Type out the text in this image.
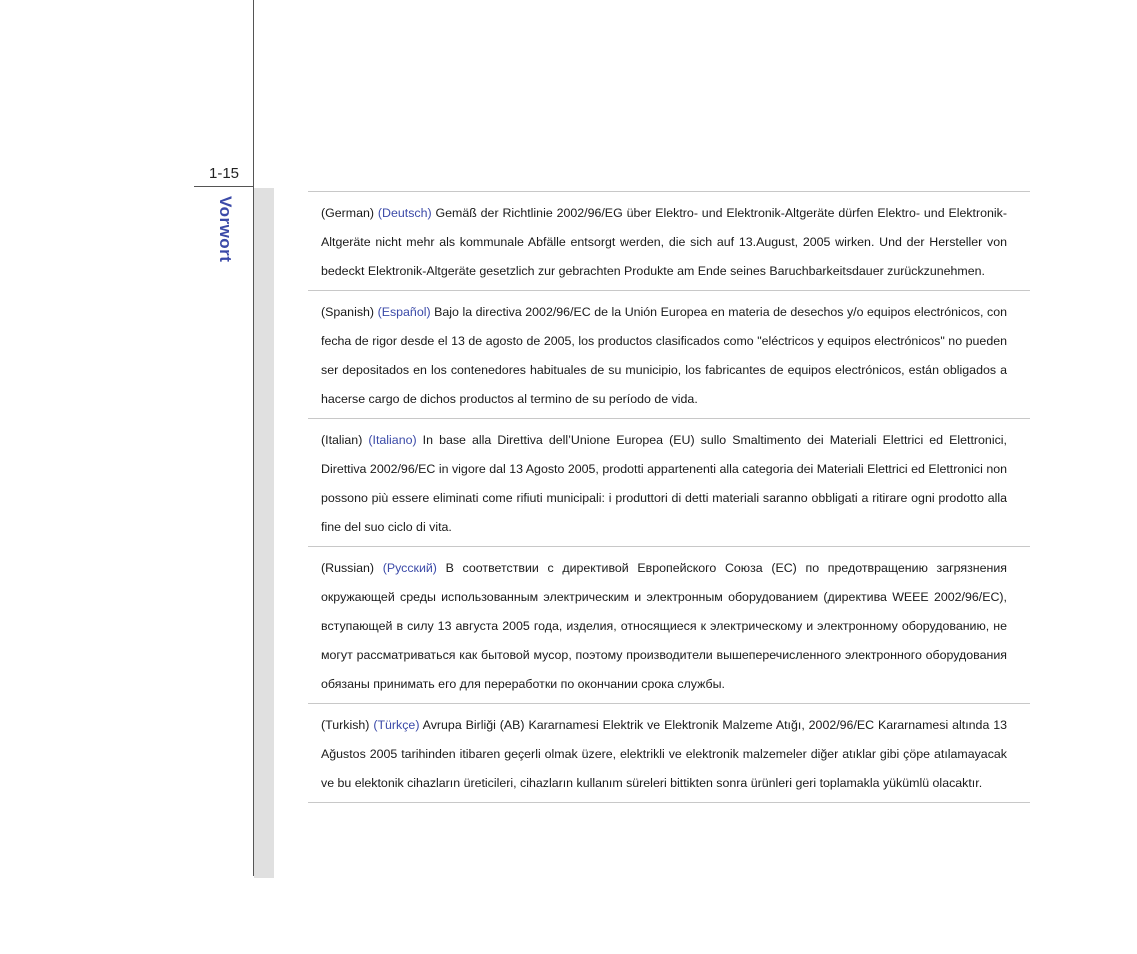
1-15
Vorwort	(German) (Deutsch) Gemäß der Richtlinie 2002/96/EG über Elektro- und Elektronik-Altgeräte dürfen Elektro- und Elektronik-Altgeräte nicht mehr als kommunale Abfälle entsorgt werden, die sich auf 13.August, 2005 wirken. Und der Hersteller von bedeckt Elektronik-Altgeräte gesetzlich zur gebrachten Produkte am Ende seines Baruchbarkeitsdauer zurückzunehmen.

(Spanish) (Español) Bajo la directiva 2002/96/EC de la Unión Europea en materia de desechos y/o equipos electrónicos, con fecha de rigor desde el 13 de agosto de 2005, los productos clasificados como "eléctricos y equipos electrónicos" no pueden ser depositados en los contenedores habituales de su municipio, los fabricantes de equipos electrónicos, están obligados a hacerse cargo de dichos productos al termino de su período de vida.

(Italian) (Italiano) In base alla Direttiva dell’Unione Europea (EU) sullo Smaltimento dei Materiali Elettrici ed Elettronici, Direttiva 2002/96/EC in vigore dal 13 Agosto 2005, prodotti appartenenti alla categoria dei Materiali Elettrici ed Elettronici non possono più essere eliminati come rifiuti municipali: i produttori di detti materiali saranno obbligati a ritirare ogni prodotto alla fine del suo ciclo di vita.

(Russian) (Русский) В соответствии с директивой Европейского Союза (ЕС) по предотвращению загрязнения окружающей среды использованным электрическим и электронным оборудованием (директива WEEE 2002/96/EC), вступающей в силу 13 августа 2005 года, изделия, относящиеся к электрическому и электронному оборудованию, не могут рассматриваться как бытовой мусор, поэтому производители вышеперечисленного электронного оборудования обязаны принимать его для переработки по окончании срока службы.

(Turkish) (Türkçe) Avrupa Birliği (AB) Kararnamesi Elektrik ve Elektronik Malzeme Atığı, 2002/96/EC Kararnamesi altında 13 Ağustos 2005 tarihinden itibaren geçerli olmak üzere, elektrikli ve elektronik malzemeler diğer atıklar gibi çöpe atılamayacak ve bu elektonik cihazların üreticileri, cihazların kullanım süreleri bittikten sonra ürünleri geri toplamakla yükümlü olacaktır.
